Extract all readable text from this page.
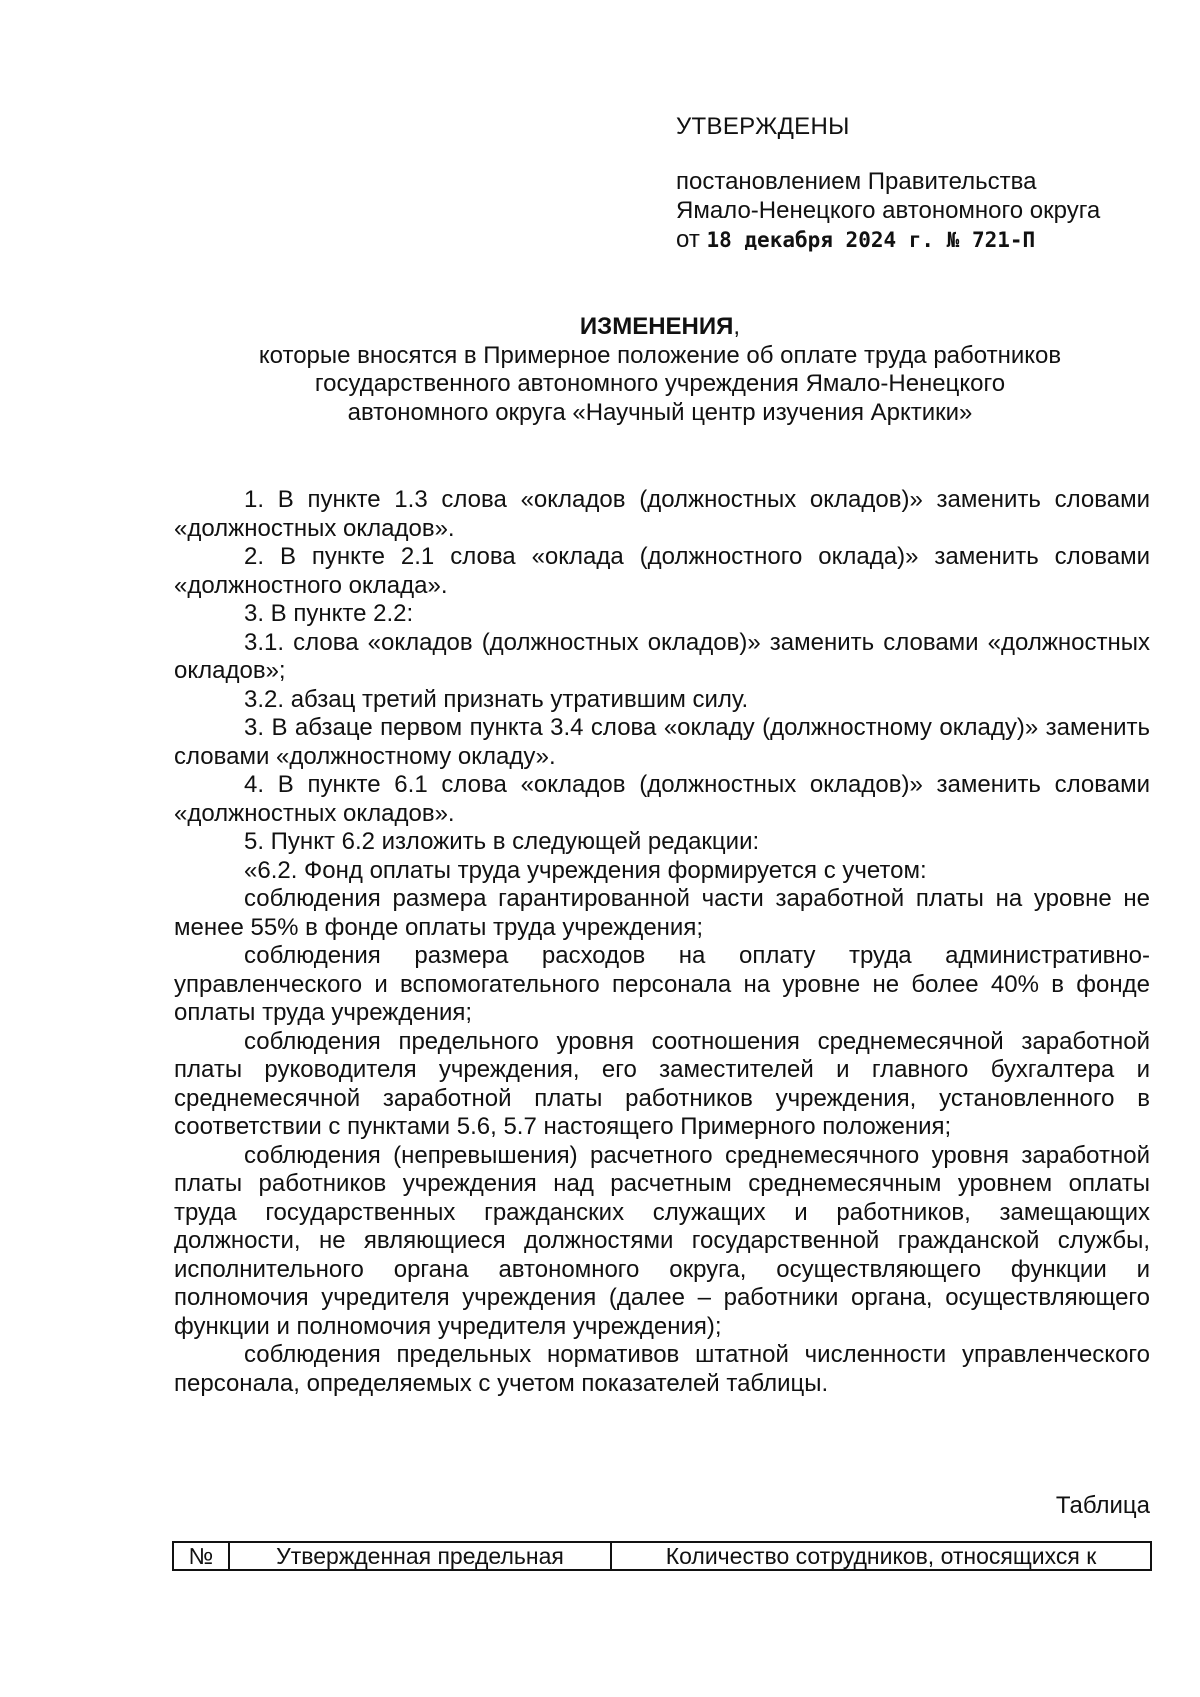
УТВЕРЖДЕНЫ
постановлением Правительства
Ямало-Ненецкого автономного округа
от 18 декабря 2024 г. № 721-П
ИЗМЕНЕНИЯ,
которые вносятся в Примерное положение об оплате труда работников
государственного автономного учреждения Ямало-Ненецкого
автономного округа «Научный центр изучения Арктики»

1. В пункте 1.3 слова «окладов (должностных окладов)» заменить словами «должностных окладов».

2. В пункте 2.1 слова «оклада (должностного оклада)» заменить словами «должностного оклада».

3. В пункте 2.2:

3.1. слова «окладов (должностных окладов)» заменить словами «должностных окладов»;

3.2. абзац третий признать утратившим силу.

3. В абзаце первом пункта 3.4 слова «окладу (должностному окладу)» заменить словами «должностному окладу».

4. В пункте 6.1 слова «окладов (должностных окладов)» заменить словами «должностных окладов».

5. Пункт 6.2 изложить в следующей редакции:

«6.2. Фонд оплаты труда учреждения формируется с учетом:

соблюдения размера гарантированной части заработной платы на уровне не менее 55% в фонде оплаты труда учреждения;

соблюдения размера расходов на оплату труда административно-управленческого и вспомогательного персонала на уровне не более 40% в фонде оплаты труда учреждения;

соблюдения предельного уровня соотношения среднемесячной заработной платы руководителя учреждения, его заместителей и главного бухгалтера и среднемесячной заработной платы работников учреждения, установленного в соответствии с пунктами 5.6, 5.7 настоящего Примерного положения;

соблюдения (непревышения) расчетного среднемесячного уровня заработной платы работников учреждения над расчетным среднемесячным уровнем оплаты труда государственных гражданских служащих и работников, замещающих должности, не являющиеся должностями государственной гражданской службы, исполнительного органа автономного округа, осуществляющего функции и полномочия учредителя учреждения (далее – работники органа, осуществляющего функции и полномочия учредителя учреждения);

соблюдения предельных нормативов штатной численности управленческого персонала, определяемых с учетом показателей таблицы.

Таблица
№	Утвержденная предельная	Количество сотрудников, относящихся к
